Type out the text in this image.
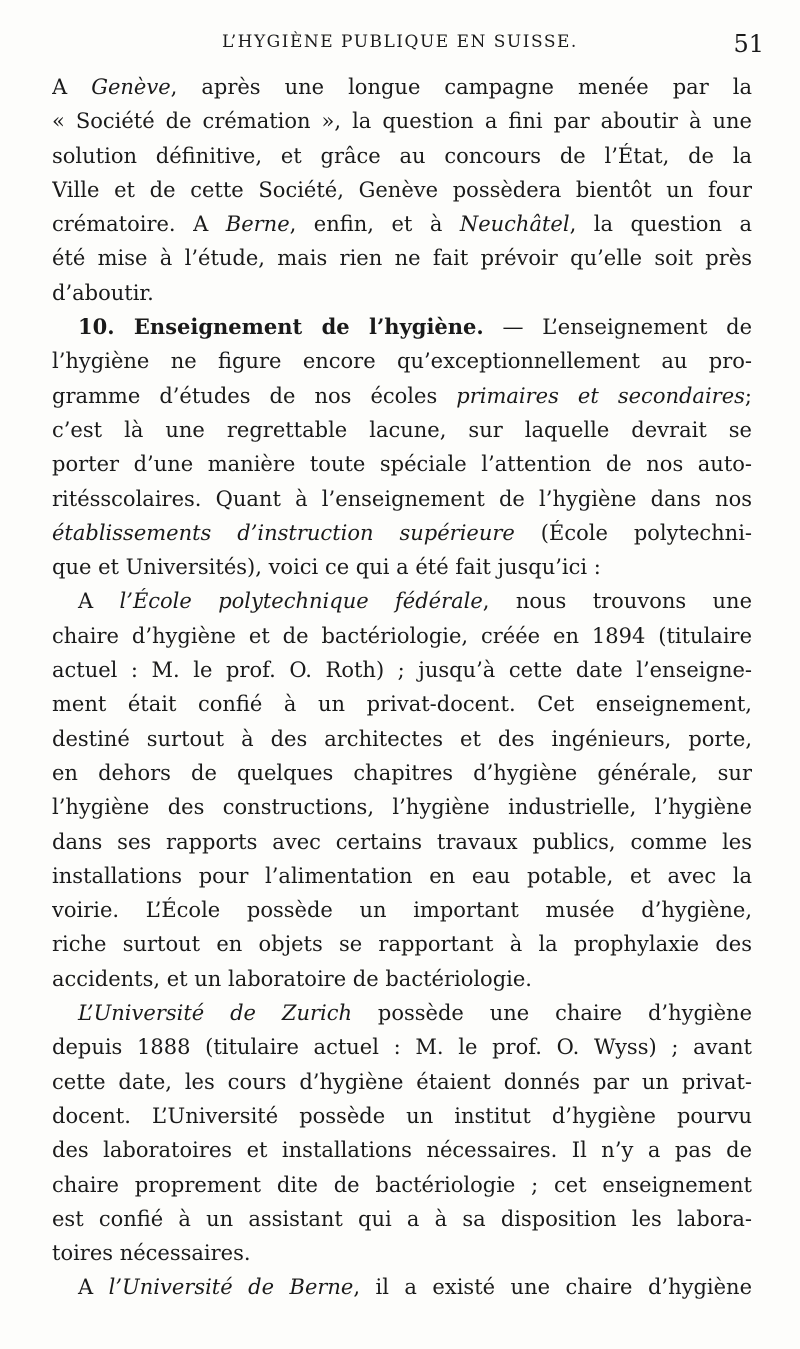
L’HYGIÈNE PUBLIQUE EN SUISSE.	51
A Genève, après une longue campagne menée par la
« Société de crémation », la question a fini par aboutir à une
solution définitive, et grâce au concours de l’État, de la
Ville et de cette Société, Genève possèdera bientôt un four
crématoire. A Berne, enfin, et à Neuchâtel, la question a
été mise à l’étude, mais rien ne fait prévoir qu’elle soit près
d’aboutir.
10. Enseignement de l’hygiène. — L’enseignement de
l’hygiène ne figure encore qu’exceptionnellement au pro-
gramme d’études de nos écoles primaires et secondaires;
c’est là une regrettable lacune, sur laquelle devrait se
porter d’une manière toute spéciale l’attention de nos auto-
ritésscolaires. Quant à l’enseignement de l’hygiène dans nos
établissements d’instruction supérieure (École polytechni-
que et Universités), voici ce qui a été fait jusqu’ici :
A l’École polytechnique fédérale, nous trouvons une
chaire d’hygiène et de bactériologie, créée en 1894 (titulaire
actuel : M. le prof. O. Roth) ; jusqu’à cette date l’enseigne-
ment était confié à un privat-docent. Cet enseignement,
destiné surtout à des architectes et des ingénieurs, porte,
en dehors de quelques chapitres d’hygiène générale, sur
l’hygiène des constructions, l’hygiène industrielle, l’hygiène
dans ses rapports avec certains travaux publics, comme les
installations pour l’alimentation en eau potable, et avec la
voirie. L’École possède un important musée d’hygiène,
riche surtout en objets se rapportant à la prophylaxie des
accidents, et un laboratoire de bactériologie.
L’Université de Zurich possède une chaire d’hygiène
depuis 1888 (titulaire actuel : M. le prof. O. Wyss) ; avant
cette date, les cours d’hygiène étaient donnés par un privat-
docent. L’Université possède un institut d’hygiène pourvu
des laboratoires et installations nécessaires. Il n’y a pas de
chaire proprement dite de bactériologie ; cet enseignement
est confié à un assistant qui a à sa disposition les labora-
toires nécessaires.
A l’Université de Berne, il a existé une chaire d’hygiène
